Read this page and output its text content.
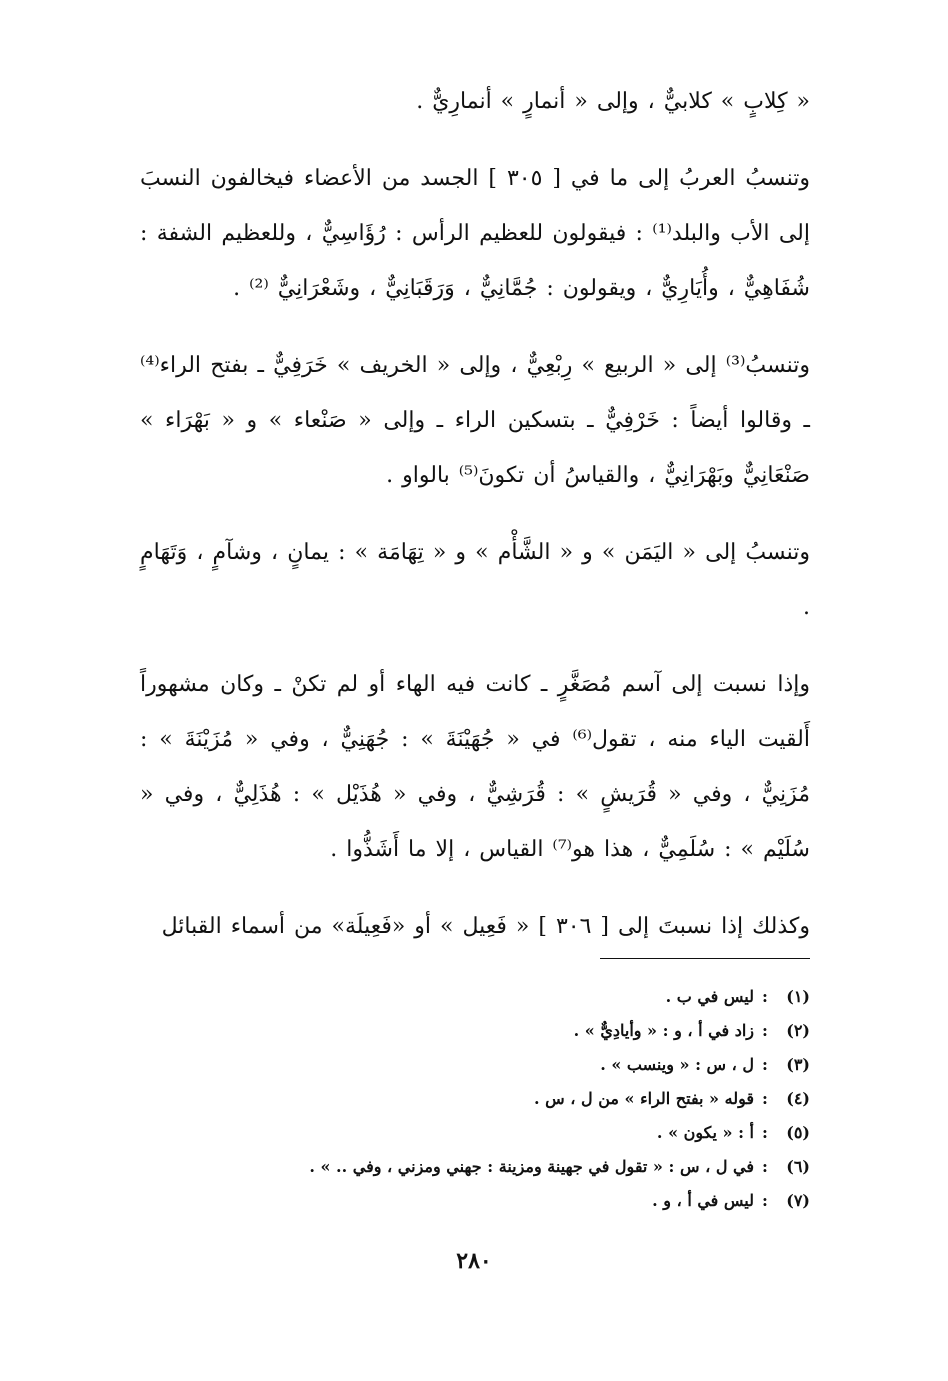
« كِلابٍ » كلابيٌّ ، وإلى « أنمارٍ » أنمارِيٌّ .

وتنسبُ العربُ إلى ما في [ ٣٠٥ ] الجسد من الأعضاء فيخالفون النسبَ إلى الأب والبلد⁽¹⁾ : فيقولون للعظيم الرأس : رُؤَاسِيٌّ ، وللعظيم الشفة : شُفَاهِيٌّ ، وأُيَارِيٌّ ، ويقولون : جُمَّانِيٌّ ، وَرَقَبَانِيٌّ ، وشَعْرَانِيٌّ ⁽²⁾ .

وتنسبُ⁽³⁾ إلى « الربيع » رِبْعِيٌّ ، وإلى « الخريف » خَرَفِيٌّ ـ بفتح الراء⁽⁴⁾ ـ وقالوا أيضاً : خَرْفِيٌّ ـ بتسكين الراء ـ وإلى « صَنْعاء » و « بَهْرَاء » صَنْعَانِيٌّ وبَهْرَانِيٌّ ، والقياسُ أن تكونَ⁽⁵⁾ بالواو .

وتنسبُ إلى « اليَمَن » و « الشَّأْم » و « تِهَامَة » : يمانٍ ، وشآمٍ ، وَتَهَامٍ .

وإذا نسبت إلى آسم مُصَغَّرٍ ـ كانت فيه الهاء أو لم تكنْ ـ وكان مشهوراً أَلقيت الياء منه ، تقول⁽⁶⁾ في « جُهَيْنَةَ » : جُهَنِيٌّ ، وفي « مُزَيْنَةَ » : مُزَنِيٌّ ، وفي « قُرَيشٍ » : قُرَشِيٌّ ، وفي « هُذَيْل » : هُذَلِيٌّ ، وفي « سُلَيْم » : سُلَمِيٌّ ، هذا هو⁽⁷⁾ القياس ، إلا ما أَشَذُّوا .

وكذلك إذا نسبتَ إلى [ ٣٠٦ ] « فَعِيل » أو «فَعِيلَة» من أسماء القبائل

(١):ليس في ب .
(٢):زاد في أ ، و : « وأيادِيٌّ » .
(٣):ل ، س : « وينسب » .
(٤):قوله « بفتح الراء » من ل ، س .
(٥):أ : « يكون » .
(٦):في ل ، س : « تقول في جهينة ومزينة : جهني ومزني ، وفي .. » .
(٧):ليس في أ ، و .
٢٨٠
